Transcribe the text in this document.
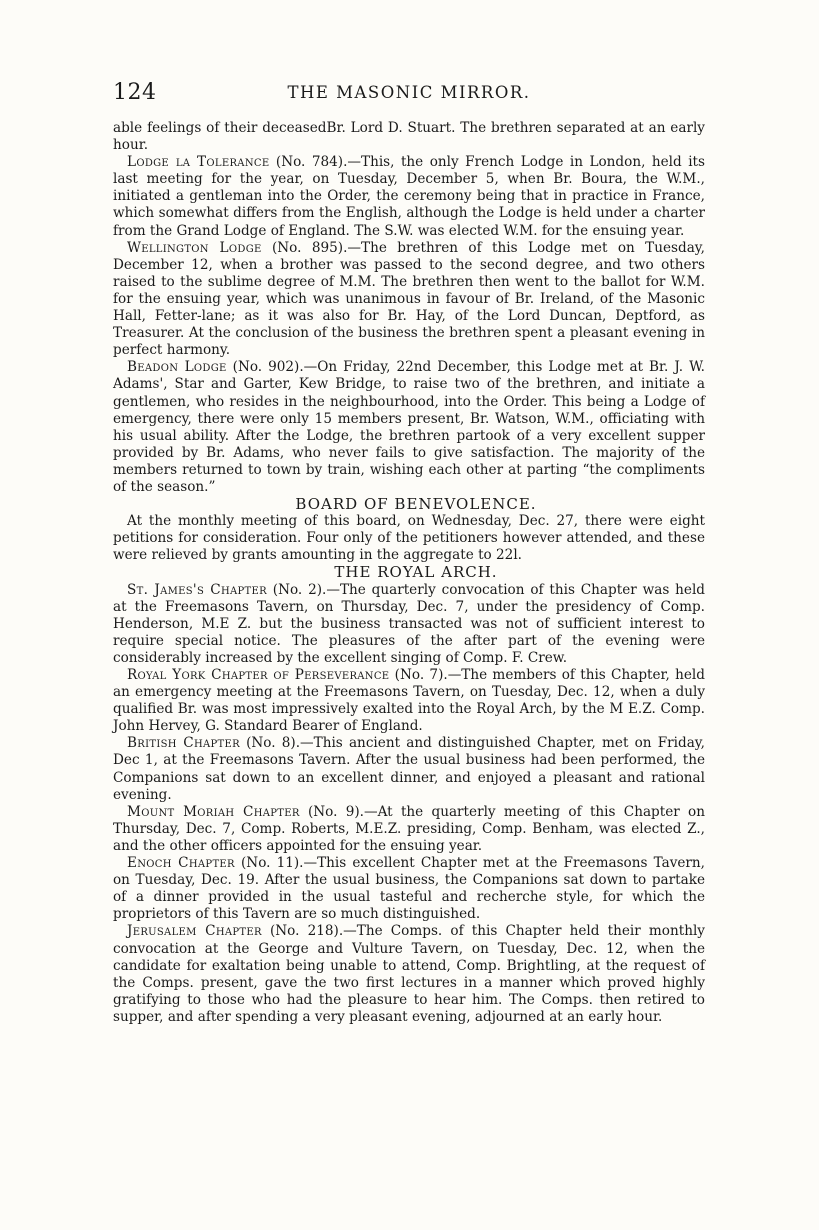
124	THE MASONIC MIRROR.

able feelings of their deceasedBr. Lord D. Stuart. The brethren separated at an early hour.

Lodge la Tolerance (No. 784).—This, the only French Lodge in London, held its last meeting for the year, on Tuesday, December 5, when Br. Boura, the W.M., initiated a gentleman into the Order, the ceremony being that in practice in France, which somewhat differs from the English, although the Lodge is held under a charter from the Grand Lodge of England. The S.W. was elected W.M. for the ensuing year.

Wellington Lodge (No. 895).—The brethren of this Lodge met on Tuesday, December 12, when a brother was passed to the second degree, and two others raised to the sublime degree of M.M. The brethren then went to the ballot for W.M. for the ensuing year, which was unanimous in favour of Br. Ireland, of the Masonic Hall, Fetter-lane; as it was also for Br. Hay, of the Lord Duncan, Deptford, as Treasurer. At the conclusion of the business the brethren spent a pleasant evening in perfect harmony.

Beadon Lodge (No. 902).—On Friday, 22nd December, this Lodge met at Br. J. W. Adams', Star and Garter, Kew Bridge, to raise two of the brethren, and initiate a gentlemen, who resides in the neighbourhood, into the Order. This being a Lodge of emergency, there were only 15 members present, Br. Watson, W.M., officiating with his usual ability. After the Lodge, the brethren partook of a very excellent supper provided by Br. Adams, who never fails to give satisfaction. The majority of the members returned to town by train, wishing each other at parting “the compliments of the season.”

BOARD OF BENEVOLENCE.

At the monthly meeting of this board, on Wednesday, Dec. 27, there were eight petitions for consideration. Four only of the petitioners however attended, and these were relieved by grants amounting in the aggregate to 22l.

THE ROYAL ARCH.

St. James's Chapter (No. 2).—The quarterly convocation of this Chapter was held at the Freemasons Tavern, on Thursday, Dec. 7, under the presidency of Comp. Henderson, M.E Z. but the business transacted was not of sufficient interest to require special notice. The pleasures of the after part of the evening were considerably increased by the excellent singing of Comp. F. Crew.

Royal York Chapter of Perseverance (No. 7).—The members of this Chapter, held an emergency meeting at the Freemasons Tavern, on Tuesday, Dec. 12, when a duly qualified Br. was most impressively exalted into the Royal Arch, by the M E.Z. Comp. John Hervey, G. Standard Bearer of England.

British Chapter (No. 8).—This ancient and distinguished Chapter, met on Friday, Dec 1, at the Freemasons Tavern. After the usual business had been performed, the Companions sat down to an excellent dinner, and enjoyed a pleasant and rational evening.

Mount Moriah Chapter (No. 9).—At the quarterly meeting of this Chapter on Thursday, Dec. 7, Comp. Roberts, M.E.Z. presiding, Comp. Benham, was elected Z., and the other officers appointed for the ensuing year.

Enoch Chapter (No. 11).—This excellent Chapter met at the Freemasons Tavern, on Tuesday, Dec. 19. After the usual business, the Companions sat down to partake of a dinner provided in the usual tasteful and recherche style, for which the proprietors of this Tavern are so much distinguished.

Jerusalem Chapter (No. 218).—The Comps. of this Chapter held their monthly convocation at the George and Vulture Tavern, on Tuesday, Dec. 12, when the candidate for exaltation being unable to attend, Comp. Brightling, at the request of the Comps. present, gave the two first lectures in a manner which proved highly gratifying to those who had the pleasure to hear him. The Comps. then retired to supper, and after spending a very pleasant evening, adjourned at an early hour.
